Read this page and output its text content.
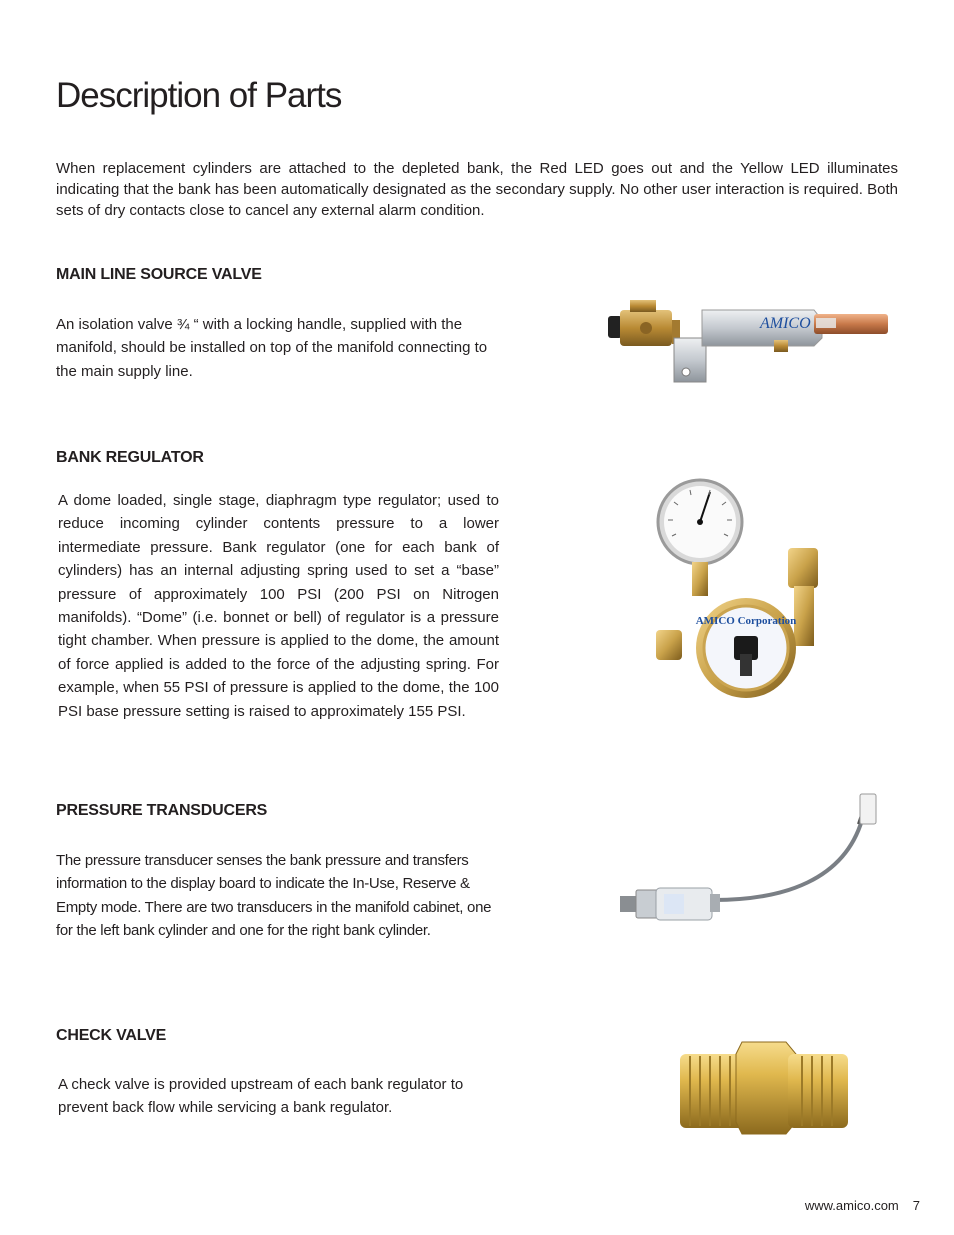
Description of Parts

When replacement cylinders are attached to the depleted bank, the Red LED goes out and the Yellow LED illuminates indicating that the bank has been automatically designated as the secondary supply. No other user interaction is required. Both sets of dry contacts close to cancel any external alarm condition.

MAIN LINE SOURCE VALVE

An isolation valve ¾ “ with a locking handle, supplied with the manifold, should be installed on top of the manifold connecting to the main supply line.

AMICO
BANK REGULATOR

A dome loaded, single stage, diaphragm type regulator; used to reduce incoming cylinder contents pressure to a lower intermediate pressure. Bank regulator (one for each bank of cylinders) has an internal adjusting spring used to set a “base” pressure of approximately 100 PSI (200 PSI on Nitrogen manifolds). “Dome” (i.e. bonnet or bell) of regulator is a pressure tight chamber. When pressure is applied to the dome, the amount of force applied is added to the force of the adjusting spring. For example, when 55 PSI of pressure is applied to the dome, the 100 PSI base pressure setting is raised to approximately 155 PSI.

AMICO Corporation
PRESSURE TRANSDUCERS

The pressure transducer senses the bank pressure and transfers information to the display board to indicate the In-Use, Reserve & Empty mode. There are two transducers in the manifold cabinet, one for the left bank cylinder and one for the right bank cylinder.

CHECK VALVE

A check valve is provided upstream of each bank regulator to prevent back flow while servicing a bank regulator.

www.amico.com 7
